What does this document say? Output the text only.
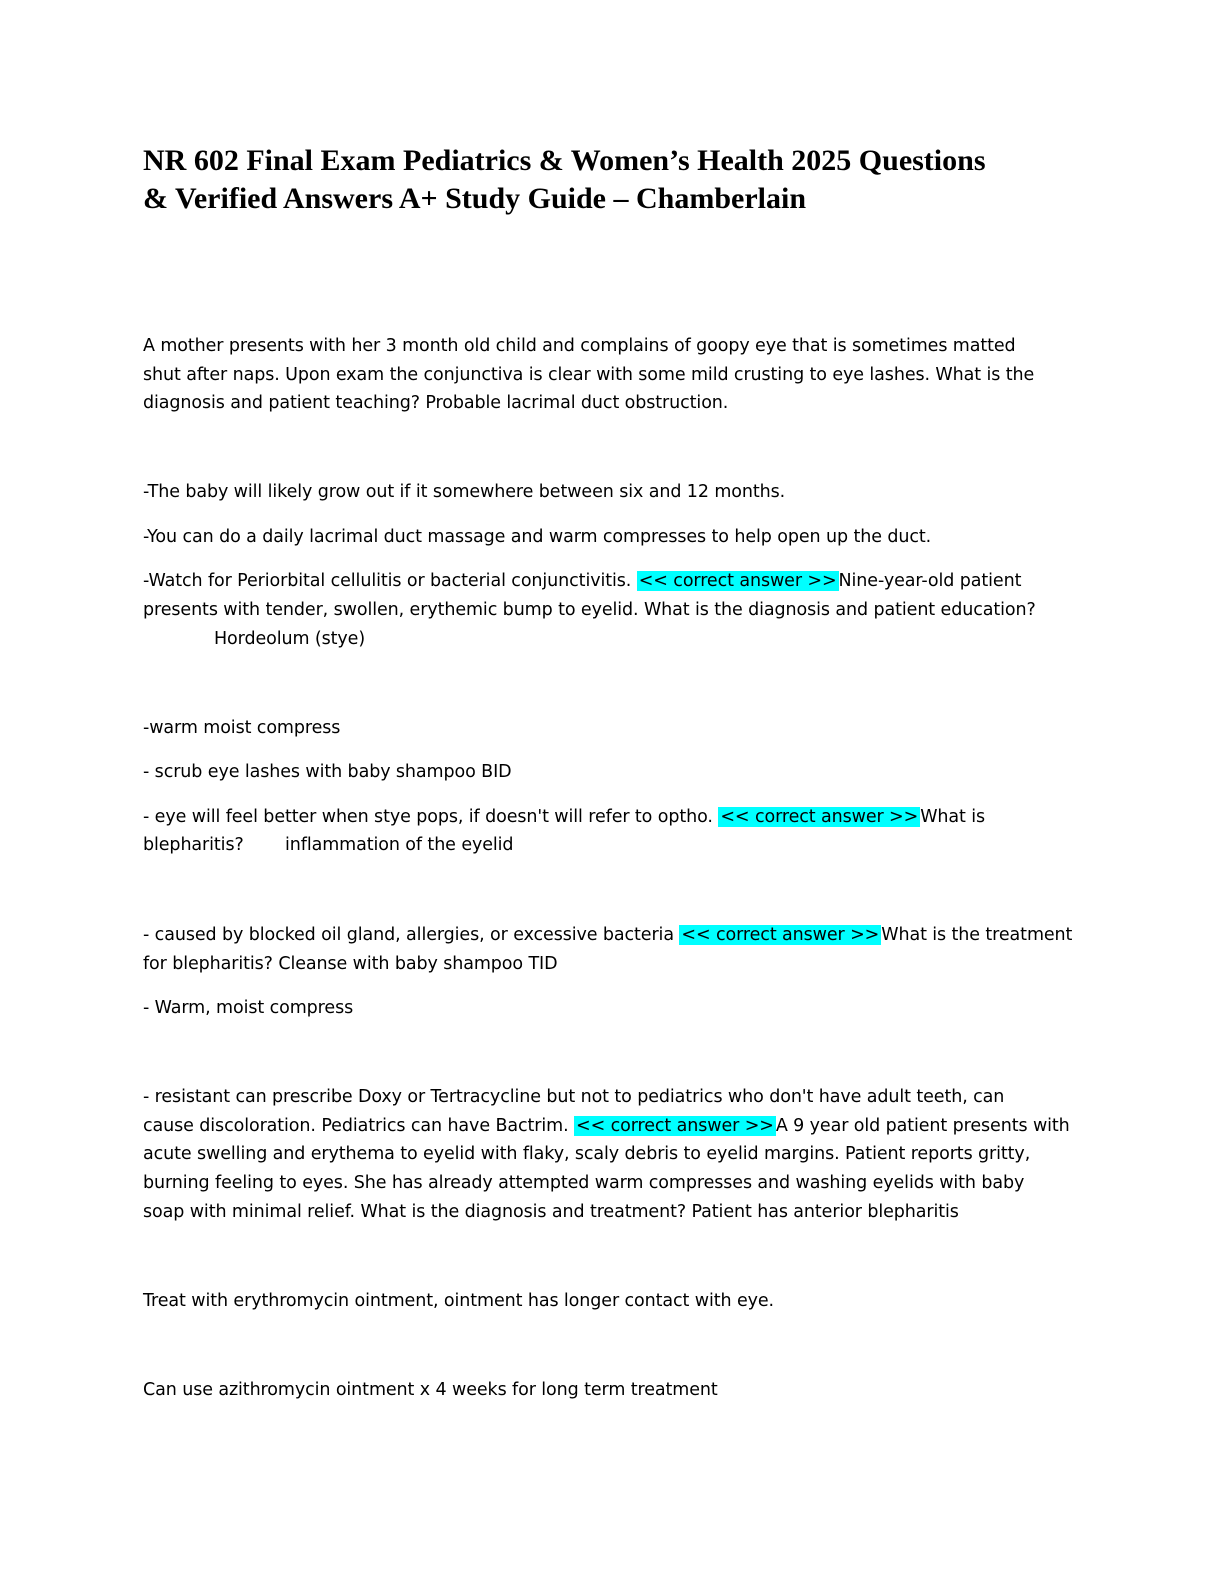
NR 602 Final Exam Pediatrics & Women’s Health 2025 Questions
& Verified Answers A+ Study Guide – Chamberlain

A mother presents with her 3 month old child and complains of goopy eye that is sometimes matted

shut after naps. Upon exam the conjunctiva is clear with some mild crusting to eye lashes. What is the

diagnosis and patient teaching? Probable lacrimal duct obstruction.

-The baby will likely grow out if it somewhere between six and 12 months.

-You can do a daily lacrimal duct massage and warm compresses to help open up the duct.

-Watch for Periorbital cellulitis or bacterial conjunctivitis. << correct answer >> Nine-year-old patient

presents with tender, swollen, erythemic bump to eyelid. What is the diagnosis and patient education?

Hordeolum (stye)

-warm moist compress

- scrub eye lashes with baby shampoo BID

- eye will feel better when stye pops, if doesn't will refer to optho. << correct answer >> What is

blepharitis? inflammation of the eyelid

- caused by blocked oil gland, allergies, or excessive bacteria << correct answer >> What is the treatment

for blepharitis? Cleanse with baby shampoo TID

- Warm, moist compress

- resistant can prescribe Doxy or Tertracycline but not to pediatrics who don't have adult teeth, can

cause discoloration. Pediatrics can have Bactrim. << correct answer >> A 9 year old patient presents with

acute swelling and erythema to eyelid with flaky, scaly debris to eyelid margins. Patient reports gritty,

burning feeling to eyes. She has already attempted warm compresses and washing eyelids with baby

soap with minimal relief. What is the diagnosis and treatment? Patient has anterior blepharitis

Treat with erythromycin ointment, ointment has longer contact with eye.

Can use azithromycin ointment x 4 weeks for long term treatment
